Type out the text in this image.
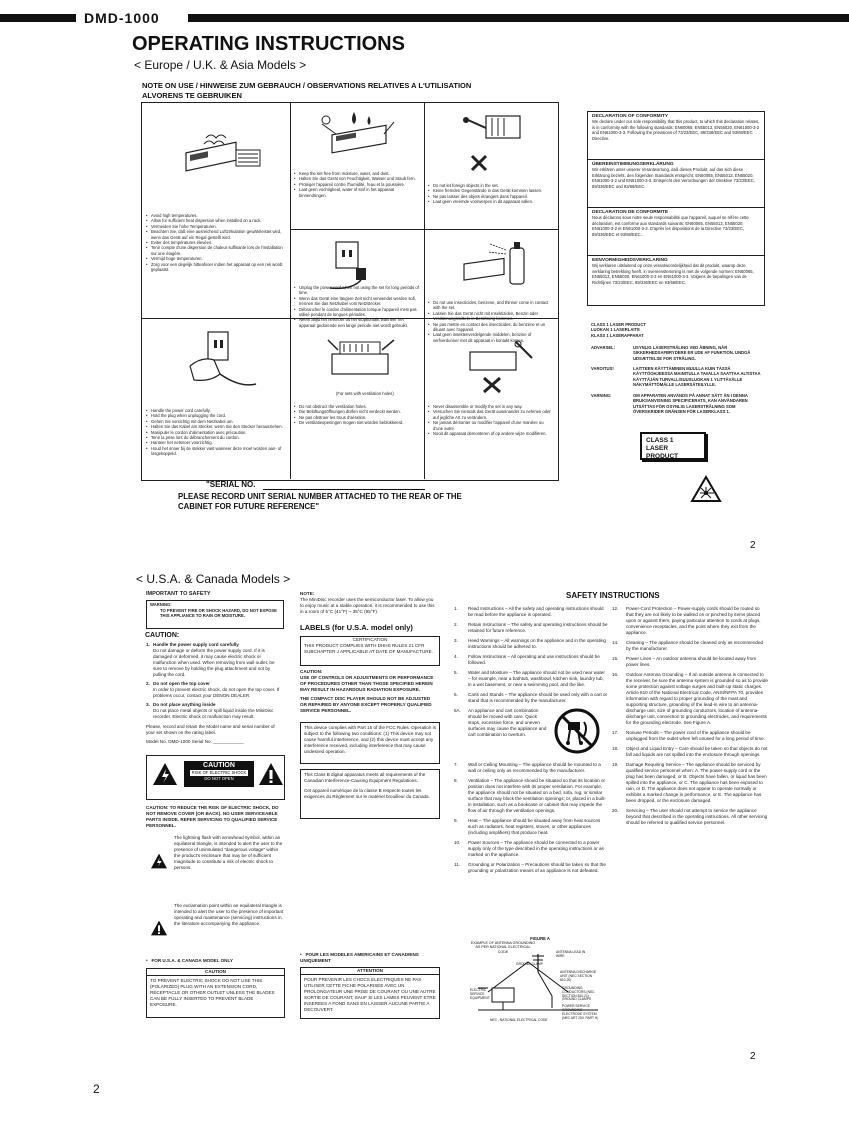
DMD-1000
OPERATING INSTRUCTIONS
< Europe / U.K. & Asia Models >
NOTE ON USE / HINWEISE ZUM GEBRAUCH / OBSERVATIONS RELATIVES A L'UTILISATION
ALVORENS TE GEBRUIKEN
• Avoid high temperatures.
• Allow for sufficient heat dispersion when installed on a rack.
• Vermeiden Sie hohe Temperaturen.
• Beachten Sie, daß eine ausreichend Luftzirkulation gewährleistet wird, wenn das Gerät auf ein Regal gestellt wird.
• Eviter des températures élevées.
• Tenir compte d'une dispersion de chaleur suffisante lors de l'installation sur une étagère.
• Vermijd hoge temperaturen.
• Zorg voor een degelijk hitteafvoer indien het apparaat op een rek wordt geplaatst.
• Keep the set free from moisture, water, and dust.
• Halten Sie das Gerät von Feuchtigkeit, Wasser und Staub fern.
• Protéger l'appareil contre l'humidité, l'eau et la poussière.
• Laat geen vochtigheid, water of stof in het apparaat binnendringen.
• Do not let foreign objects in the set.
• Keine fremden Gegenstände in das Gerät kommen lassen.
• Ne pas laisser des objets étrangers dans l'appareil.
• Laat geen vreemde voorwerpen in dit apparaat vallen.
• Unplug the power cord when not using the set for long periods of time.
• Wenn das Gerät eine längere Zeit nicht verwendet werden soll, trennen Sie das Netzkabel vom Netzstecker.
• Débrancher le cordon d'alimentation lorsque l'appareil n'est pas utilisé pendant de longues périodes.
• Neem altijd het netsnoer uit het stopkontakt wanneer het apparaat gedurende een lange periode niet wordt gebruikt.
• Do not use insecticides, benzene, and thinner come in contact with the set.
• Lassen Sie das Gerät nicht mit Insektiziden, Benzin oder Verdünnungsmitteln in Berührung kommen.
• Ne pas mettre en contact des insecticides, du benzène et un diluant avec l'appareil.
• Laat geen insektenverdelgende middelen, benzine of verfverdunner met dit apparaat in kontakt komen.
• Handle the power cord carefully.
• Hold the plug when unplugging the cord.
• Gehen Sie vorsichtig mit dem Netzkabel um.
• Halten Sie das Kabel am Stecker, wenn Sie den Stecker herausziehen.
• Manipuler le cordon d'alimentation avec précaution.
• Tenir la prise lors du débranchement du cordon.
• Hanteer het netsnoer voorzichtig.
• Houd het snoer bij de stekker vast wanneer deze moet worden aan- of losgekoppeld.
(For sets with ventilation holes)
• Do not obstruct the ventilation holes.
• Die Belüftungsöffnungen dürfen nicht verdeckt werden.
• Ne pas obstruer les trous d'aération.
• De ventilatieopeningen mogen niet worden beblokkeerd.
• Never disassemble or modify the set in any way.
• Versuchen Sie niemals das Gerät auseinander zu nehmen oder auf jegliche Art zu verändern.
• Ne jamais démonter ou modifier l'appareil d'une manière ou d'une autre.
• Nooit dit apparaat demonteren of op andere wijze modifiëren.
DECLARATION OF CONFORMITY
We declare under our sole responsibility that this product, to which this declaration relates, is in conformity with the following standards: EN60065, EN55013, EN55020, EN61000-3-2 and EN61000-3-3. Following the provisions of 73/23/EEC, 89/336/EEC and 93/68/EEC Directive.
ÜBEREINSTIMMUNGSERKLÄRUNG
Wir erklären unter unserer Verantwortung, daß dieses Produkt, auf das sich diese Erklärung bezieht, den folgenden Standards entspricht: EN60065, EN55013, EN55020, EN61000-3-2 und EN61000-3-3. Entspricht den Verordnungen der Direktive 73/23/EEC, 89/336/EEC und 93/68/EEC.
DECLARATION DE CONFORMITE
Nous déclarons sous notre seule responsabilité que l'appareil, auquel se réfère cette déclaration, est conforme aux standards suivants: EN60065, EN55013, EN55020, EN61000-3-2 et EN61000-3-3. D'après les dispositions de la Directive 73/23/EEC, 89/336/EEC et 93/68/EEC.
EENVORMIGHEIDSVERKLARING
Wij verklaren uitsluitend op onze verantwoordelijkheid dat dit produkt, waarop deze verklaring betrekking heeft, in overeenstemming is met de volgende normen: EN60065, EN55013, EN55020, EN61000-3-2 en EN61000-3-3. Volgens de bepalingen van de Richtlijnen 73/23/EEC, 89/336/EEC en 93/68/EEC.
CLASS 1 LASER PRODUCT
LUOKAN 1 LASERLAITE
KLASS 1 LASERAPPARAT
ADVARSEL:	USYNLIG LASERSTRÅLING VED ÅBNING, NÅR SIKKERHEDSAFBRYDERE ER UDE AF FUNKTION. UNDGÅ UDSÆTTELSE FOR STRÅLING.
VAROITUS!	LAITTEEN KÄYTTÄMINEN MUULLA KUIN TÄSSÄ KÄYTTÖOHJEESSA MAINITULLA TAVALLA SAATTAA ALTISTAA KÄYTTÄJÄN TURVALLISUUSLUOKAN 1 YLITTÄVÄLLE NÄKYMÄTTÖMÄLLE LASERSÄTEILYLLE.
VARNING:	OM APPARATEN ANVÄNDS PÅ ANNAT SÄTT ÄN I DENNA BRUKSANVISNING SPECIFICERATS, KAN ANVÄNDAREN UTSÄTTAS FÖR OSYNLIG LASERSTRÅLNING SOM ÖVERSKRIDER GRÄNSEN FÖR LASERKLASS 1.
CLASS 1 LASER PRODUCT
"SERIAL NO.
PLEASE RECORD UNIT SERIAL NUMBER ATTACHED TO THE REAR OF THE
CABINET FOR FUTURE REFERENCE"
2
< U.S.A. & Canada Models >
IMPORTANT TO SAFETY
WARNING:
TO PREVENT FIRE OR SHOCK HAZARD, DO NOT EXPOSE THIS APPLIANCE TO RAIN OR MOISTURE.
CAUTION:
1. Handle the power supply cord carefully
Do not damage or deform the power supply cord. If it is damaged or deformed, it may cause electric shock or malfunction when used. When removing from wall outlet, be sure to remove by holding the plug attachment and not by pulling the cord.
2. Do not open the top cover
In order to prevent electric shock, do not open the top cover. If problems occur, contact your DENON DEALER.
3. Do not place anything inside
Do not place metal objects or spill liquid inside the MiniDisc recorder. Electric shock or malfunction may result.
Please, record and retain the Model name and serial number of your set shown on the rating label.
Model No. DMD-1000 Serial No. ____________
CAUTION
RISK OF ELECTRIC SHOCK
DO NOT OPEN
CAUTION: TO REDUCE THE RISK OF ELECTRIC SHOCK, DO NOT REMOVE COVER (OR BACK). NO USER SERVICEABLE PARTS INSIDE. REFER SERVICING TO QUALIFIED SERVICE PERSONNEL.
The lightning flash with arrowhead symbol, within an equilateral triangle, is intended to alert the user to the presence of uninsulated "dangerous voltage" within the product's enclosure that may be of sufficient magnitude to constitute a risk of electric shock to persons.
The exclamation point within an equilateral triangle is intended to alert the user to the presence of important operating and maintenance (servicing) instructions in the literature accompanying the appliance.
•   FOR U.S.A. & CANADA MODEL ONLY
CAUTION
TO PREVENT ELECTRIC SHOCK DO NOT USE THIS (POLARIZED) PLUG WITH AN EXTENSION CORD, RECEPTACLE OR OTHER OUTLET UNLESS THE BLADES CAN BE FULLY INSERTED TO PREVENT BLADE EXPOSURE.
NOTE:
The MiniDisc recorder uses the semiconductor laser. To allow you to enjoy music at a stable operation, it is recommended to use this in a room of 5°C (41°F) ~ 35°C (95°F).
LABELS (for U.S.A. model only)
CERTIFICATION
THIS PRODUCT COMPLIES WITH DHHS RULES 21 CFR SUBCHAPTER J APPLICABLE AT DATE OF MANUFACTURE.
CAUTION:
USE OF CONTROLS OR ADJUSTMENTS OR PERFORMANCE OF PROCEDURES OTHER THAN THOSE SPECIFIED HEREIN MAY RESULT IN HAZARDOUS RADIATION EXPOSURE.
THE COMPACT DISC PLAYER SHOULD NOT BE ADJUSTED OR REPAIRED BY ANYONE EXCEPT PROPERLY QUALIFIED SERVICE PERSONNEL.
This device complies with Part 15 of the FCC Rules. Operation is subject to the following two conditions: (1) This device may not cause harmful interference, and (2) this device must accept any interference received, including interference that may cause undesired operation.
This Class B digital apparatus meets all requirements of the Canadian Interference-Causing Equipment Regulations.
Cet appareil numérique de la classe B respecte toutes les exigences du Règlement sur le matériel brouilleur du Canada.
•   POUR LES MODELES AMERICAINS ET CANADIENS UNIQUEMENT
ATTENTION
POUR PREVENIR LES CHOCS ELECTRIQUES NE PAS UTILISER CETTE FICHE POLARISEE AVEC UN PROLONGATEUR UNE PRISE DE COURANT OU UNE AUTRE SORTIE DE COURANT, SAUF SI LES LAMES PEUVENT ETRE INSEREES A FOND SANS EN LAISSER AUCUNE PARTIE A DECOUVERT.
SAFETY INSTRUCTIONS
1. Read Instructions – All the safety and operating instructions should be read before the appliance is operated.
2. Retain Instructions – The safety and operating instructions should be retained for future reference.
3. Heed Warnings – All warnings on the appliance and in the operating instructions should be adhered to.
4. Follow Instructions – All operating and use instructions should be followed.
5. Water and Moisture – The appliance should not be used near water – for example, near a bathtub, washbowl, kitchen sink, laundry tub, in a wet basement, or near a swimming pool, and the like.
6. Carts and Stands – The appliance should be used only with a cart or stand that is recommended by the manufacturer.
6A. An appliance and cart combination should be moved with care. Quick stops, excessive force, and uneven surfaces may cause the appliance and cart combination to overturn.
7. Wall or Ceiling Mounting – The appliance should be mounted to a wall or ceiling only as recommended by the manufacturer.
8. Ventilation – The appliance should be situated so that its location or position does not interfere with its proper ventilation. For example, the appliance should not be situated on a bed, sofa, rug, or similar surface that may block the ventilation openings; or, placed in a built-in installation, such as a bookcase or cabinet that may impede the flow of air through the ventilation openings.
9. Heat – The appliance should be situated away from heat sources such as radiators, heat registers, stoves, or other appliances (including amplifiers) that produce heat.
10. Power Sources – The appliance should be connected to a power supply only of the type described in the operating instructions or as marked on the appliance.
11. Grounding or Polarization – Precautions should be taken so that the grounding or polarization means of an appliance is not defeated.
12. Power-Cord Protection – Power-supply cords should be routed so that they are not likely to be walked on or pinched by items placed upon or against them, paying particular attention to cords at plugs, convenience receptacles, and the point where they exit from the appliance.
14. Cleaning – The appliance should be cleaned only as recommended by the manufacturer.
15. Power Lines – An outdoor antenna should be located away from power lines.
16. Outdoor Antenna Grounding – If an outside antenna is connected to the receiver, be sure the antenna system is grounded so as to provide some protection against voltage surges and built-up static charges. Article 810 of the National Electrical Code, ANSI/NFPA 70, provides information with regard to proper grounding of the mast and supporting structure, grounding of the lead-in wire to an antenna-discharge unit, size of grounding conductors, location of antenna-discharge unit, connection to grounding electrodes, and requirements for the grounding electrode. See Figure A.
17. Nonuse Periods – The power cord of the appliance should be unplugged from the outlet when left unused for a long period of time.
18. Object and Liquid Entry – Care should be taken so that objects do not fall and liquids are not spilled into the enclosure through openings.
19. Damage Requiring Service – The appliance should be serviced by qualified service personnel when: A. The power-supply cord or the plug has been damaged, or B. Objects have fallen, or liquid has been spilled into the appliance, or C. The appliance has been exposed to rain, or D. The appliance does not appear to operate normally or exhibits a marked change in performance, or E. The appliance has been dropped, or the enclosure damaged.
20. Servicing – The user should not attempt to service the appliance beyond that described in the operating instructions. All other servicing should be referred to qualified service personnel.
FIGURE A
EXAMPLE OF ANTENNA GROUNDING AS PER NATIONAL ELECTRICAL CODE	ANTENNA LEAD IN WIRE
GROUND CLAMP
ANTENNA DISCHARGE UNIT (NEC SECTION 810-20)
ELECTRIC SERVICE EQUIPMENT
GROUNDING CONDUCTORS (NEC SECTION 810-21)
GROUND CLAMPS
POWER SERVICE GROUNDING ELECTRODE SYSTEM (NEC ART 250, PART H)
NEC - NATIONAL ELECTRICAL CODE
2
2
